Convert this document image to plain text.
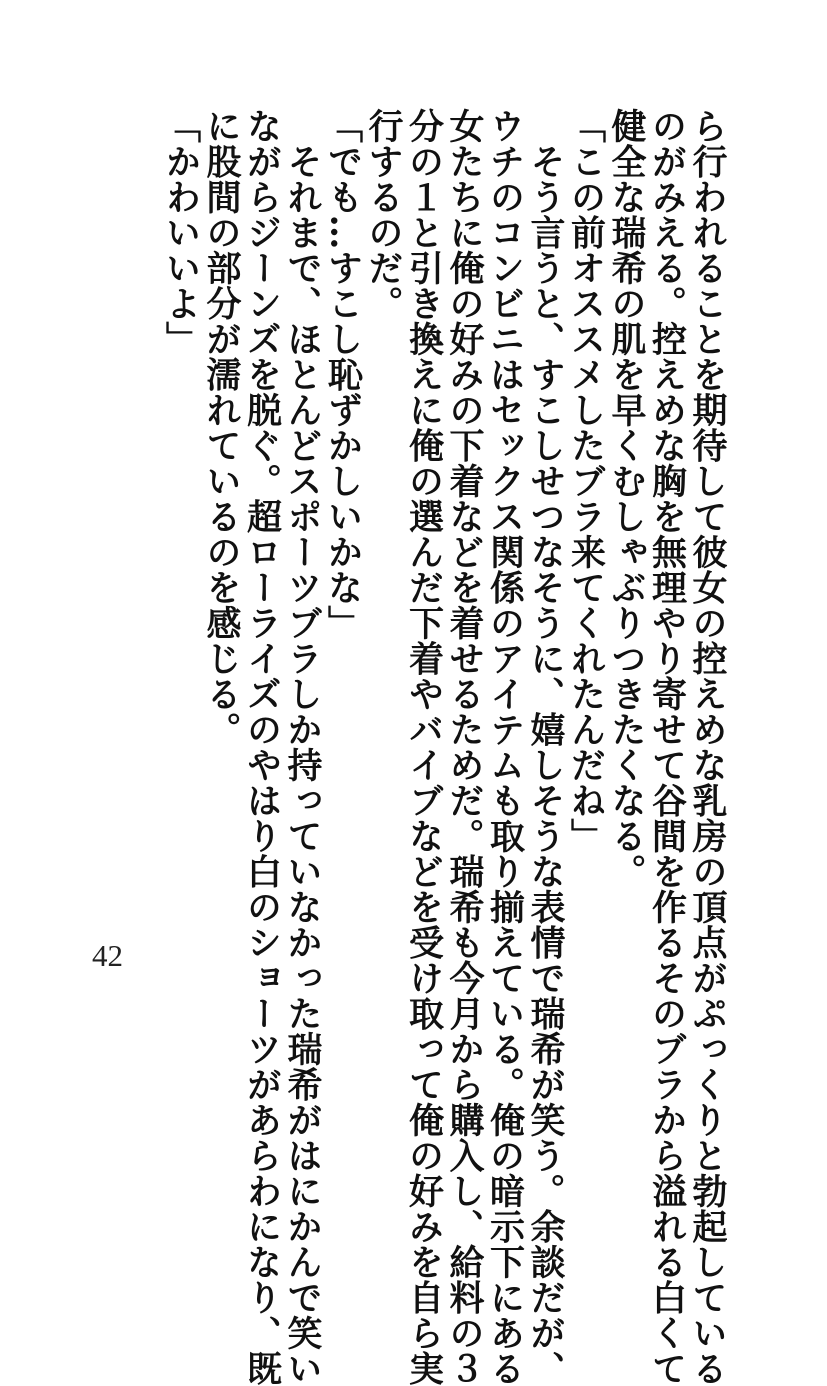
ら行われることを期待して彼女の控えめな乳房の頂点がぷっくりと勃起している

のがみえる。控えめな胸を無理やり寄せて谷間を作るそのブラから溢れる白くて

健全な瑞希の肌を早くむしゃぶりつきたくなる。

「この前オススメしたブラ来てくれたんだね」

　そう言うと、すこしせつなそうに、嬉しそうな表情で瑞希が笑う。余談だが、

ウチのコンビニはセックス関係のアイテムも取り揃えている。俺の暗示下にある

女たちに俺の好みの下着などを着せるためだ。瑞希も今月から購入し、給料の３

分の１と引き換えに俺の選んだ下着やバイブなどを受け取って俺の好みを自ら実

行するのだ。

「でも…すこし恥ずかしいかな」

　それまで、ほとんどスポーツブラしか持っていなかった瑞希がはにかんで笑い

ながらジーンズを脱ぐ。超ローライズのやはり白のショーツがあらわになり、既

に股間の部分が濡れているのを感じる。

「かわいいよ」

42
